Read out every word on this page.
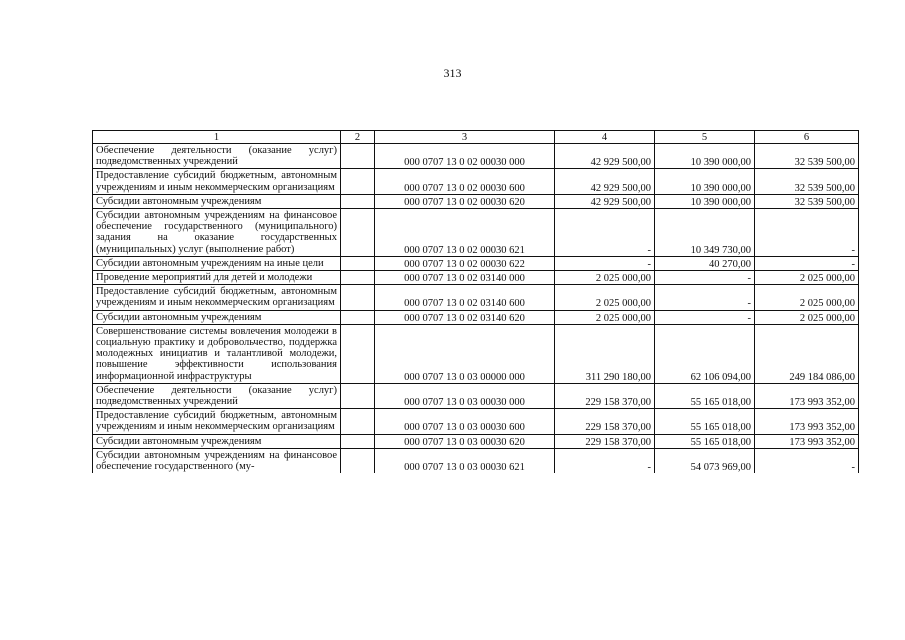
313
1	2	3	4	5	6
Обеспечение деятельности (оказание услуг) подведомственных учреждений		000 0707 13 0 02 00030 000	42 929 500,00	10 390 000,00	32 539 500,00
Предоставление субсидий бюджетным, автономным учреждениям и иным некоммерческим организациям		000 0707 13 0 02 00030 600	42 929 500,00	10 390 000,00	32 539 500,00
Субсидии автономным учреждениям		000 0707 13 0 02 00030 620	42 929 500,00	10 390 000,00	32 539 500,00
Субсидии автономным учреждениям на финансовое обеспечение государственного (муниципального) задания на оказание государственных (муниципальных) услуг (выполнение работ)		000 0707 13 0 02 00030 621	-	10 349 730,00	-
Субсидии автономным учреждениям на иные цели		000 0707 13 0 02 00030 622	-	40 270,00	-
Проведение мероприятий для детей и молодежи		000 0707 13 0 02 03140 000	2 025 000,00	-	2 025 000,00
Предоставление субсидий бюджетным, автономным учреждениям и иным некоммерческим организациям		000 0707 13 0 02 03140 600	2 025 000,00	-	2 025 000,00
Субсидии автономным учреждениям		000 0707 13 0 02 03140 620	2 025 000,00	-	2 025 000,00
Совершенствование системы вовлечения молодежи в социальную практику и добровольчество, поддержка молодежных инициатив и талантливой молодежи, повышение эффективности использования информационной инфраструктуры		000 0707 13 0 03 00000 000	311 290 180,00	62 106 094,00	249 184 086,00
Обеспечение деятельности (оказание услуг) подведомственных учреждений		000 0707 13 0 03 00030 000	229 158 370,00	55 165 018,00	173 993 352,00
Предоставление субсидий бюджетным, автономным учреждениям и иным некоммерческим организациям		000 0707 13 0 03 00030 600	229 158 370,00	55 165 018,00	173 993 352,00
Субсидии автономным учреждениям		000 0707 13 0 03 00030 620	229 158 370,00	55 165 018,00	173 993 352,00
Субсидии автономным учреждениям на финансовое обеспечение государственного (му-		000 0707 13 0 03 00030 621	-	54 073 969,00	-
